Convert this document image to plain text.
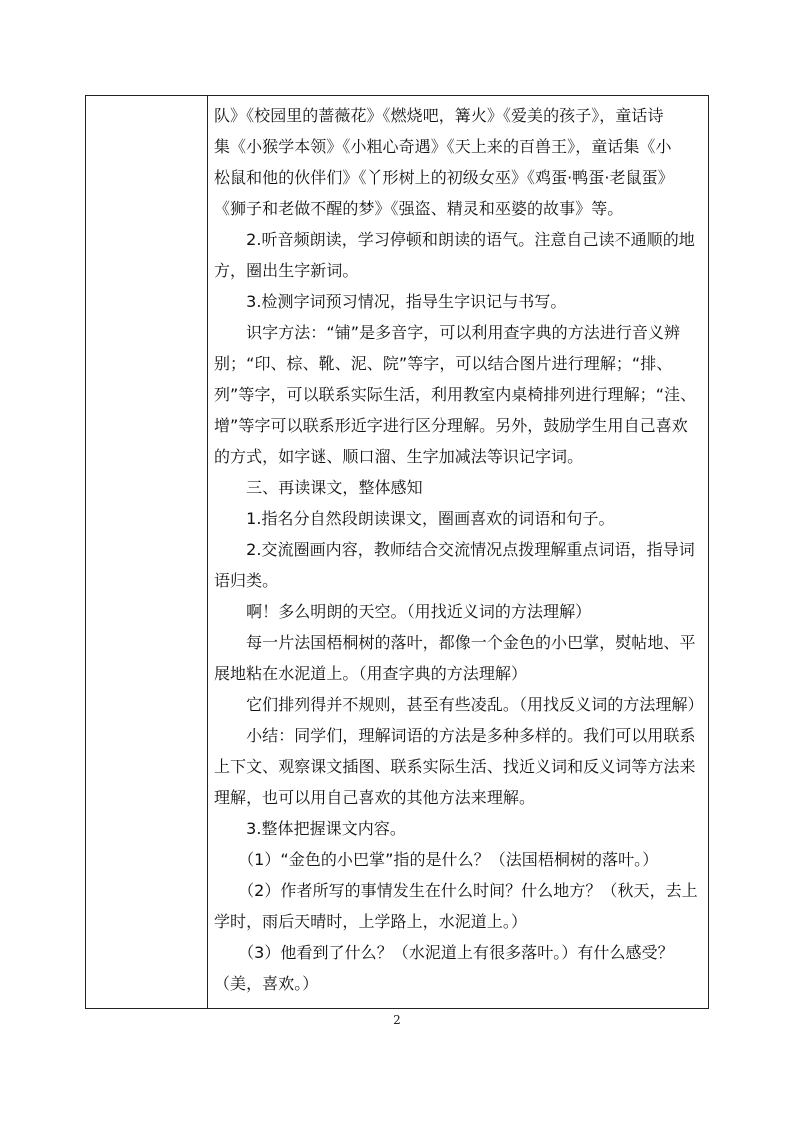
队》《校园里的蔷薇花》《燃烧吧，篝火》《爱美的孩子》，童话诗
集《小猴学本领》《小粗心奇遇》《天上来的百兽王》，童话集《小
松鼠和他的伙伴们》《丫形树上的初级女巫》《鸡蛋·鸭蛋·老鼠蛋》
《狮子和老做不醒的梦》《强盗、精灵和巫婆的故事》等。
　　2.听音频朗读，学习停顿和朗读的语气。注意自己读不通顺的地
方，圈出生字新词。
　　3.检测字词预习情况，指导生字识记与书写。
　　识字方法：“铺”是多音字，可以利用查字典的方法进行音义辨
别；“印、棕、靴、泥、院”等字，可以结合图片进行理解；“排、
列”等字，可以联系实际生活，利用教室内桌椅排列进行理解；“洼、
增”等字可以联系形近字进行区分理解。另外，鼓励学生用自己喜欢
的方式，如字谜、顺口溜、生字加减法等识记字词。
　　三、再读课文，整体感知
　　1.指名分自然段朗读课文，圈画喜欢的词语和句子。
　　2.交流圈画内容，教师结合交流情况点拨理解重点词语，指导词
语归类。
　　啊！多么明朗的天空。（用找近义词的方法理解）
　　每一片法国梧桐树的落叶，都像一个金色的小巴掌，熨帖地、平
展地粘在水泥道上。（用查字典的方法理解）
　　它们排列得并不规则，甚至有些凌乱。（用找反义词的方法理解）
　　小结：同学们，理解词语的方法是多种多样的。我们可以用联系
上下文、观察课文插图、联系实际生活、找近义词和反义词等方法来
理解，也可以用自己喜欢的其他方法来理解。
　　3.整体把握课文内容。
　　（1）“金色的小巴掌”指的是什么？（法国梧桐树的落叶。）
　　（2）作者所写的事情发生在什么时间？什么地方？（秋天，去上
学时，雨后天晴时，上学路上，水泥道上。）
　　（3）他看到了什么？（水泥道上有很多落叶。）有什么感受？
（美，喜欢。）
2
